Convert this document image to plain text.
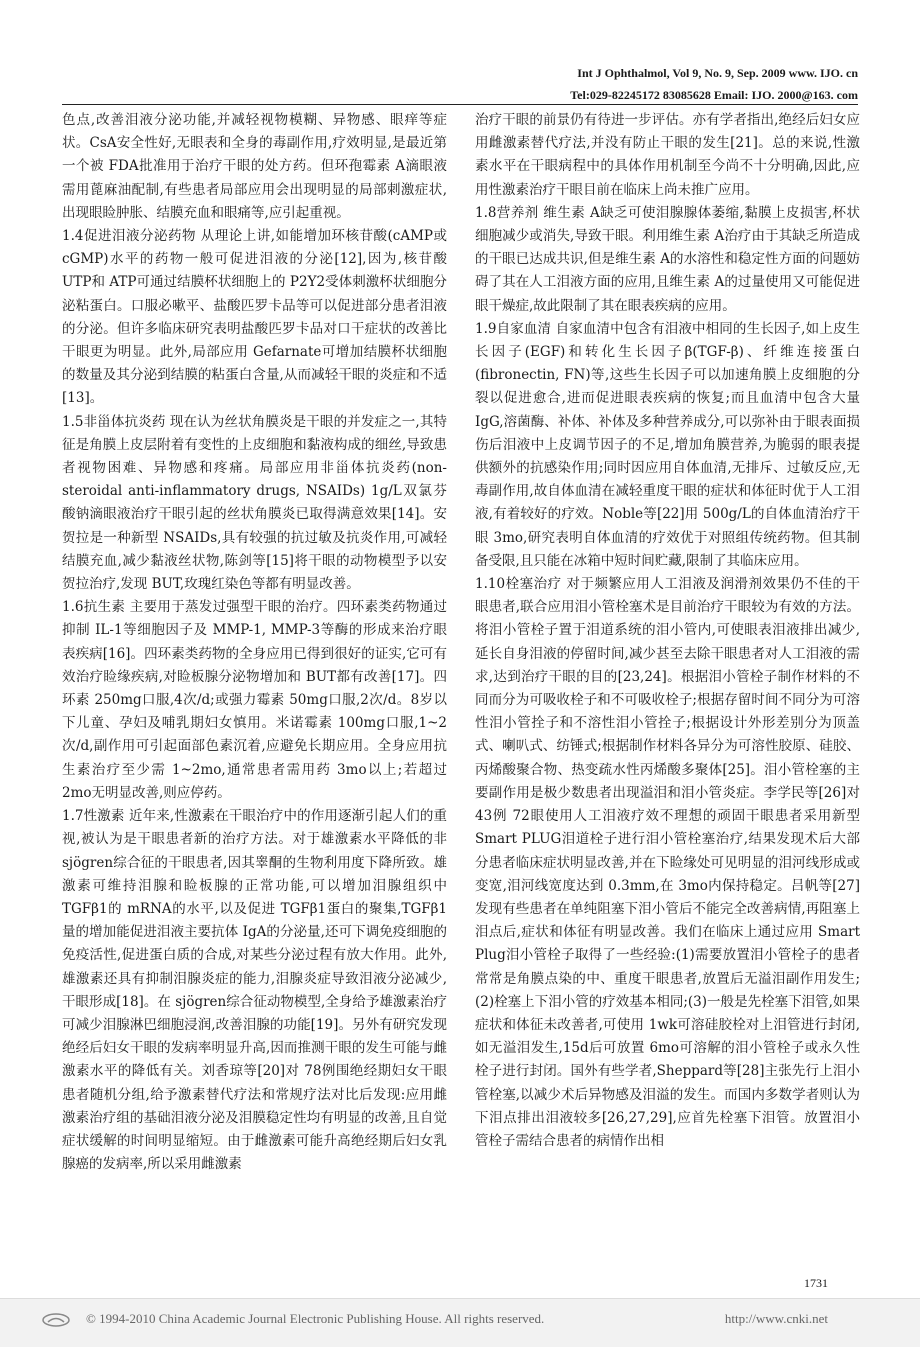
Int J Ophthalmol, Vol 9, No. 9, Sep. 2009 www. IJO. cn
Tel:029-82245172 83085628 Email: IJO. 2000@163. com

色点,改善泪液分泌功能,并减轻视物模糊、异物感、眼痒等症状。CsA安全性好,无眼表和全身的毒副作用,疗效明显,是最近第一个被 FDA批准用于治疗干眼的处方药。但环孢霉素 A滴眼液需用蓖麻油配制,有些患者局部应用会出现明显的局部刺激症状,出现眼睑肿胀、结膜充血和眼痛等,应引起重视。

1.4促进泪液分泌药物 从理论上讲,如能增加环核苷酸(cAMP或 cGMP)水平的药物一般可促进泪液的分泌[12],因为,核苷酸 UTP和 ATP可通过结膜杯状细胞上的 P2Y2受体刺激杯状细胞分泌粘蛋白。口服必嗽平、盐酸匹罗卡品等可以促进部分患者泪液的分泌。但许多临床研究表明盐酸匹罗卡品对口干症状的改善比干眼更为明显。此外,局部应用 Gefarnate可增加结膜杯状细胞的数量及其分泌到结膜的粘蛋白含量,从而减轻干眼的炎症和不适[13]。

1.5非甾体抗炎药 现在认为丝状角膜炎是干眼的并发症之一,其特征是角膜上皮层附着有变性的上皮细胞和黏液构成的细丝,导致患者视物困难、异物感和疼痛。局部应用非甾体抗炎药(non-steroidal anti-inflammatory drugs, NSAIDs) 1g/L双氯芬酸钠滴眼液治疗干眼引起的丝状角膜炎已取得满意效果[14]。安贺拉是一种新型 NSAIDs,具有较强的抗过敏及抗炎作用,可减轻结膜充血,减少黏液丝状物,陈剑等[15]将干眼的动物模型予以安贺拉治疗,发现 BUT,玫瑰红染色等都有明显改善。

1.6抗生素 主要用于蒸发过强型干眼的治疗。四环素类药物通过抑制 IL-1等细胞因子及 MMP-1, MMP-3等酶的形成来治疗眼表疾病[16]。四环素类药物的全身应用已得到很好的证实,它可有效治疗睑缘疾病,对睑板腺分泌物增加和 BUT都有改善[17]。四环素 250mg口服,4次/d;或强力霉素 50mg口服,2次/d。8岁以下儿童、孕妇及哺乳期妇女慎用。米诺霉素 100mg口服,1~2次/d,副作用可引起面部色素沉着,应避免长期应用。全身应用抗生素治疗至少需 1~2mo,通常患者需用药 3mo以上;若超过 2mo无明显改善,则应停药。

1.7性激素 近年来,性激素在干眼治疗中的作用逐渐引起人们的重视,被认为是干眼患者新的治疗方法。对于雄激素水平降低的非 sjögren综合征的干眼患者,因其睾酮的生物利用度下降所致。雄激素可维持泪腺和睑板腺的正常功能,可以增加泪腺组织中 TGFβ1的 mRNA的水平,以及促进 TGFβ1蛋白的聚集,TGFβ1量的增加能促进泪液主要抗体 IgA的分泌量,还可下调免疫细胞的免疫活性,促进蛋白质的合成,对某些分泌过程有放大作用。此外,雄激素还具有抑制泪腺炎症的能力,泪腺炎症导致泪液分泌减少,干眼形成[18]。在 sjögren综合征动物模型,全身给予雄激素治疗可减少泪腺淋巴细胞浸润,改善泪腺的功能[19]。另外有研究发现绝经后妇女干眼的发病率明显升高,因而推测干眼的发生可能与雌激素水平的降低有关。刘香琼等[20]对 78例围绝经期妇女干眼患者随机分组,给予激素替代疗法和常规疗法对比后发现:应用雌激素治疗组的基础泪液分泌及泪膜稳定性均有明显的改善,且自觉症状缓解的时间明显缩短。由于雌激素可能升高绝经期后妇女乳腺癌的发病率,所以采用雌激素

治疗干眼的前景仍有待进一步评估。亦有学者指出,绝经后妇女应用雌激素替代疗法,并没有防止干眼的发生[21]。总的来说,性激素水平在干眼病程中的具体作用机制至今尚不十分明确,因此,应用性激素治疗干眼目前在临床上尚未推广应用。

1.8营养剂 维生素 A缺乏可使泪腺腺体萎缩,黏膜上皮损害,杯状细胞减少或消失,导致干眼。利用维生素 A治疗由于其缺乏所造成的干眼已达成共识,但是维生素 A的水溶性和稳定性方面的问题妨碍了其在人工泪液方面的应用,且维生素 A的过量使用又可能促进眼干燥症,故此限制了其在眼表疾病的应用。

1.9自家血清 自家血清中包含有泪液中相同的生长因子,如上皮生长因子(EGF)和转化生长因子β(TGF-β)、纤维连接蛋白(fibronectin, FN)等,这些生长因子可以加速角膜上皮细胞的分裂以促进愈合,进而促进眼表疾病的恢复;而且血清中包含大量 IgG,溶菌酶、补体、补体及多种营养成分,可以弥补由于眼表面损伤后泪液中上皮调节因子的不足,增加角膜营养,为脆弱的眼表提供额外的抗感染作用;同时因应用自体血清,无排斥、过敏反应,无毒副作用,故自体血清在减轻重度干眼的症状和体征时优于人工泪液,有着较好的疗效。Noble等[22]用 500g/L的自体血清治疗干眼 3mo,研究表明自体血清的疗效优于对照组传统药物。但其制备受限,且只能在冰箱中短时间贮藏,限制了其临床应用。

1.10栓塞治疗 对于频繁应用人工泪液及润滑剂效果仍不佳的干眼患者,联合应用泪小管栓塞术是目前治疗干眼较为有效的方法。将泪小管栓子置于泪道系统的泪小管内,可使眼表泪液排出减少,延长自身泪液的停留时间,减少甚至去除干眼患者对人工泪液的需求,达到治疗干眼的目的[23,24]。根据泪小管栓子制作材料的不同而分为可吸收栓子和不可吸收栓子;根据存留时间不同分为可溶性泪小管拴子和不溶性泪小管拴子;根据设计外形差别分为顶盖式、喇叭式、纺锤式;根据制作材料各异分为可溶性胶原、硅胶、丙烯酸聚合物、热变疏水性丙烯酸多聚体[25]。泪小管栓塞的主要副作用是极少数患者出现溢泪和泪小管炎症。李学民等[26]对 43例 72眼使用人工泪液疗效不理想的顽固干眼患者采用新型 Smart PLUG泪道栓子进行泪小管栓塞治疗,结果发现术后大部分患者临床症状明显改善,并在下睑缘处可见明显的泪河线形成或变宽,泪河线宽度达到 0.3mm,在 3mo内保持稳定。吕帆等[27]发现有些患者在单纯阻塞下泪小管后不能完全改善病情,再阻塞上泪点后,症状和体征有明显改善。我们在临床上通过应用 Smart Plug泪小管栓子取得了一些经验:(1)需要放置泪小管栓子的患者常常是角膜点染的中、重度干眼患者,放置后无溢泪副作用发生;(2)栓塞上下泪小管的疗效基本相同;(3)一般是先栓塞下泪管,如果症状和体征未改善者,可使用 1wk可溶硅胶栓对上泪管进行封闭,如无溢泪发生,15d后可放置 6mo可溶解的泪小管栓子或永久性栓子进行封闭。国外有些学者,Sheppard等[28]主张先行上泪小管栓塞,以减少术后异物感及泪溢的发生。而国内多数学者则认为下泪点排出泪液较多[26,27,29],应首先栓塞下泪管。放置泪小管栓子需结合患者的病情作出相

1731
© 1994-2010 China Academic Journal Electronic Publishing House. All rights reserved.	http://www.cnki.net
